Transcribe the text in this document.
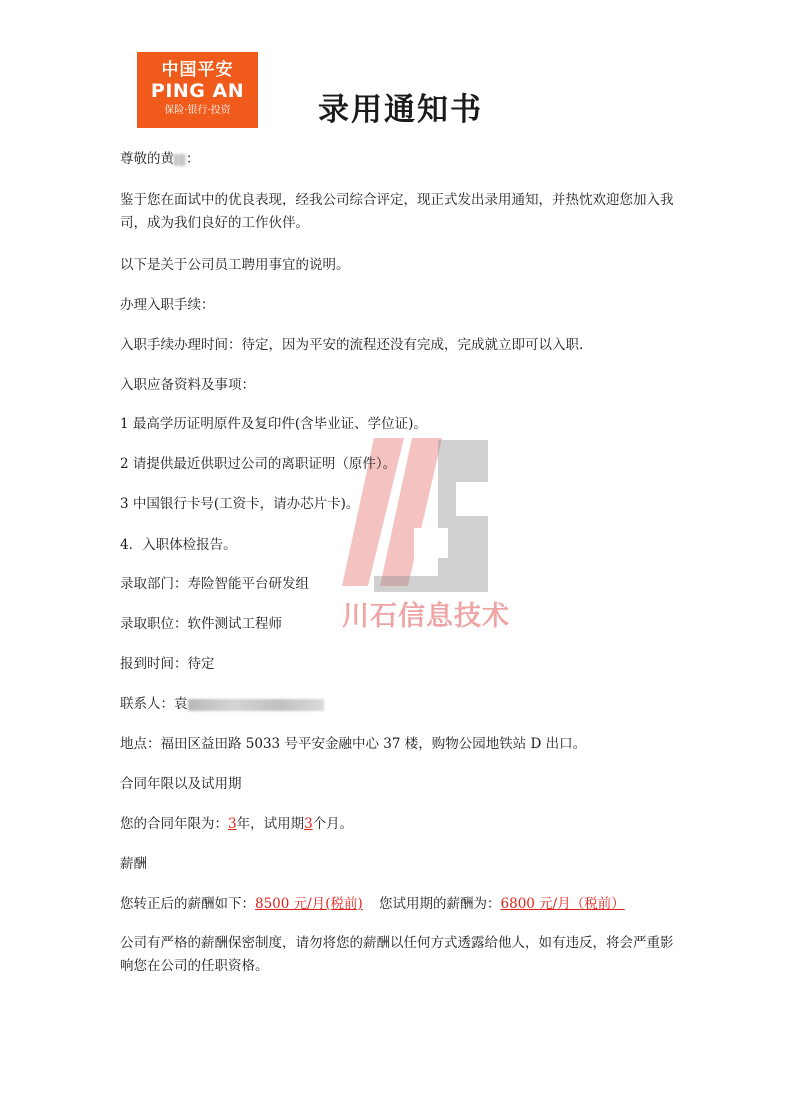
中国平安
PING AN
保险·银行·投资	录用通知书
川石信息技术
尊敬的黄 ：
鉴于您在面试中的优良表现，经我公司综合评定，现正式发出录用通知，并热忱欢迎您加入我司，成为我们良好的工作伙伴。
以下是关于公司员工聘用事宜的说明。
办理入职手续：
入职手续办理时间：待定，因为平安的流程还没有完成，完成就立即可以入职.
入职应备资料及事项：
1 最高学历证明原件及复印件(含毕业证、学位证)。
2 请提供最近供职过公司的离职证明（原件）。
3 中国银行卡号(工资卡，请办芯片卡)。
4．入职体检报告。
录取部门：寿险智能平台研发组
录取职位：软件测试工程师
报到时间：待定
联系人：袁
地点：福田区益田路 5033 号平安金融中心 37 楼，购物公园地铁站 D 出口。
合同年限以及试用期
您的合同年限为：3年，试用期3个月。
薪酬
您转正后的薪酬如下：8500 元/月(税前) 您试用期的薪酬为：6800 元/月（税前）
公司有严格的薪酬保密制度，请勿将您的薪酬以任何方式透露给他人，如有违反，将会严重影响您在公司的任职资格。
